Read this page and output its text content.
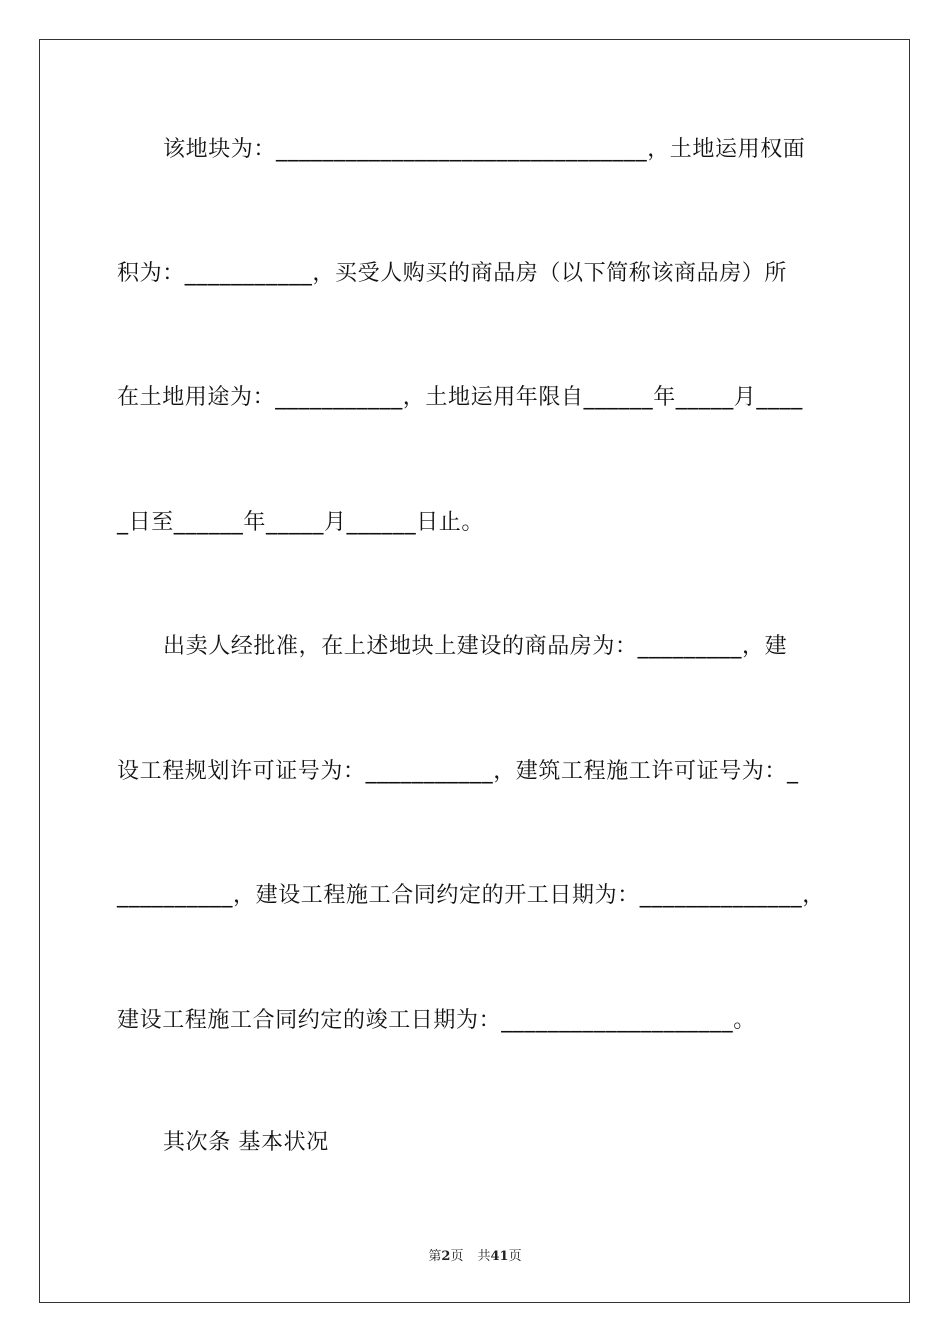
该地块为：________________________________，土地运用权面
积为：___________，买受人购买的商品房（以下简称该商品房）所
在土地用途为：___________，土地运用年限自______年_____月____
_日至______年_____月______日止。
出卖人经批准，在上述地块上建设的商品房为：_________，建
设工程规划许可证号为：___________，建筑工程施工许可证号为：_
__________，建设工程施工合同约定的开工日期为：______________，
建设工程施工合同约定的竣工日期为：____________________。
其次条 基本状况
第2页 共41页
